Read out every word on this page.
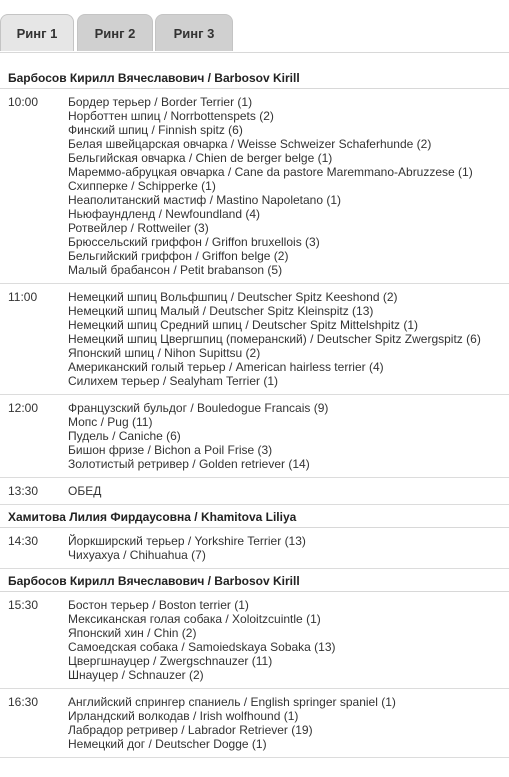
Ринг 1	Ринг 2	Ринг 3
Барбосов Кирилл Вячеславович / Barbosov Kirill
10:00	Бордер терьер / Border Terrier (1)
Норботтен шпиц / Norrbottenspets (2)
Финский шпиц / Finnish spitz (6)
Белая швейцарская овчарка / Weisse Schweizer Schaferhunde (2)
Бельгийская овчарка / Chien de berger belge (1)
Мареммо-абруцкая овчарка / Cane da pastore Maremmano-Abruzzese (1)
Схипперке / Schipperke (1)
Неаполитанский мастиф / Mastino Napoletano (1)
Ньюфаундленд / Newfoundland (4)
Ротвейлер / Rottweiler (3)
Брюссельский гриффон / Griffon bruxellois (3)
Бельгийский гриффон / Griffon belge (2)
Малый брабансон / Petit brabanson (5)
11:00	Немецкий шпиц Вольфшпиц / Deutscher Spitz Keeshond (2)
Немецкий шпиц Малый / Deutscher Spitz Kleinspitz (13)
Немецкий шпиц Средний шпиц / Deutscher Spitz Mittelshpitz (1)
Немецкий шпиц Цвергшпиц (померанский) / Deutscher Spitz Zwergspitz (6)
Японский шпиц / Nihon Supittsu (2)
Американский голый терьер / American hairless terrier (4)
Силихем терьер / Sealyham Terrier (1)
12:00	Французский бульдог / Bouledogue Francais (9)
Мопс / Pug (11)
Пудель / Caniche (6)
Бишон фризе / Bichon a Poil Frise (3)
Золотистый ретривер / Golden retriever (14)
13:30	ОБЕД
Хамитова Лилия Фирдаусовна / Khamitova Liliya
14:30	Йоркширский терьер / Yorkshire Terrier (13)
Чихуахуа / Chihuahua (7)
Барбосов Кирилл Вячеславович / Barbosov Kirill
15:30	Бостон терьер / Boston terrier (1)
Мексиканская голая собака / Xoloitzcuintle (1)
Японский хин / Chin (2)
Самоедская собака / Samoiedskaya Sobaka (13)
Цвергшнауцер / Zwergschnauzer (11)
Шнауцер / Schnauzer (2)
16:30	Английский спрингер спаниель / English springer spaniel (1)
Ирландский волкодав / Irish wolfhound (1)
Лабрадор ретривер / Labrador Retriever (19)
Немецкий дог / Deutscher Dogge (1)
